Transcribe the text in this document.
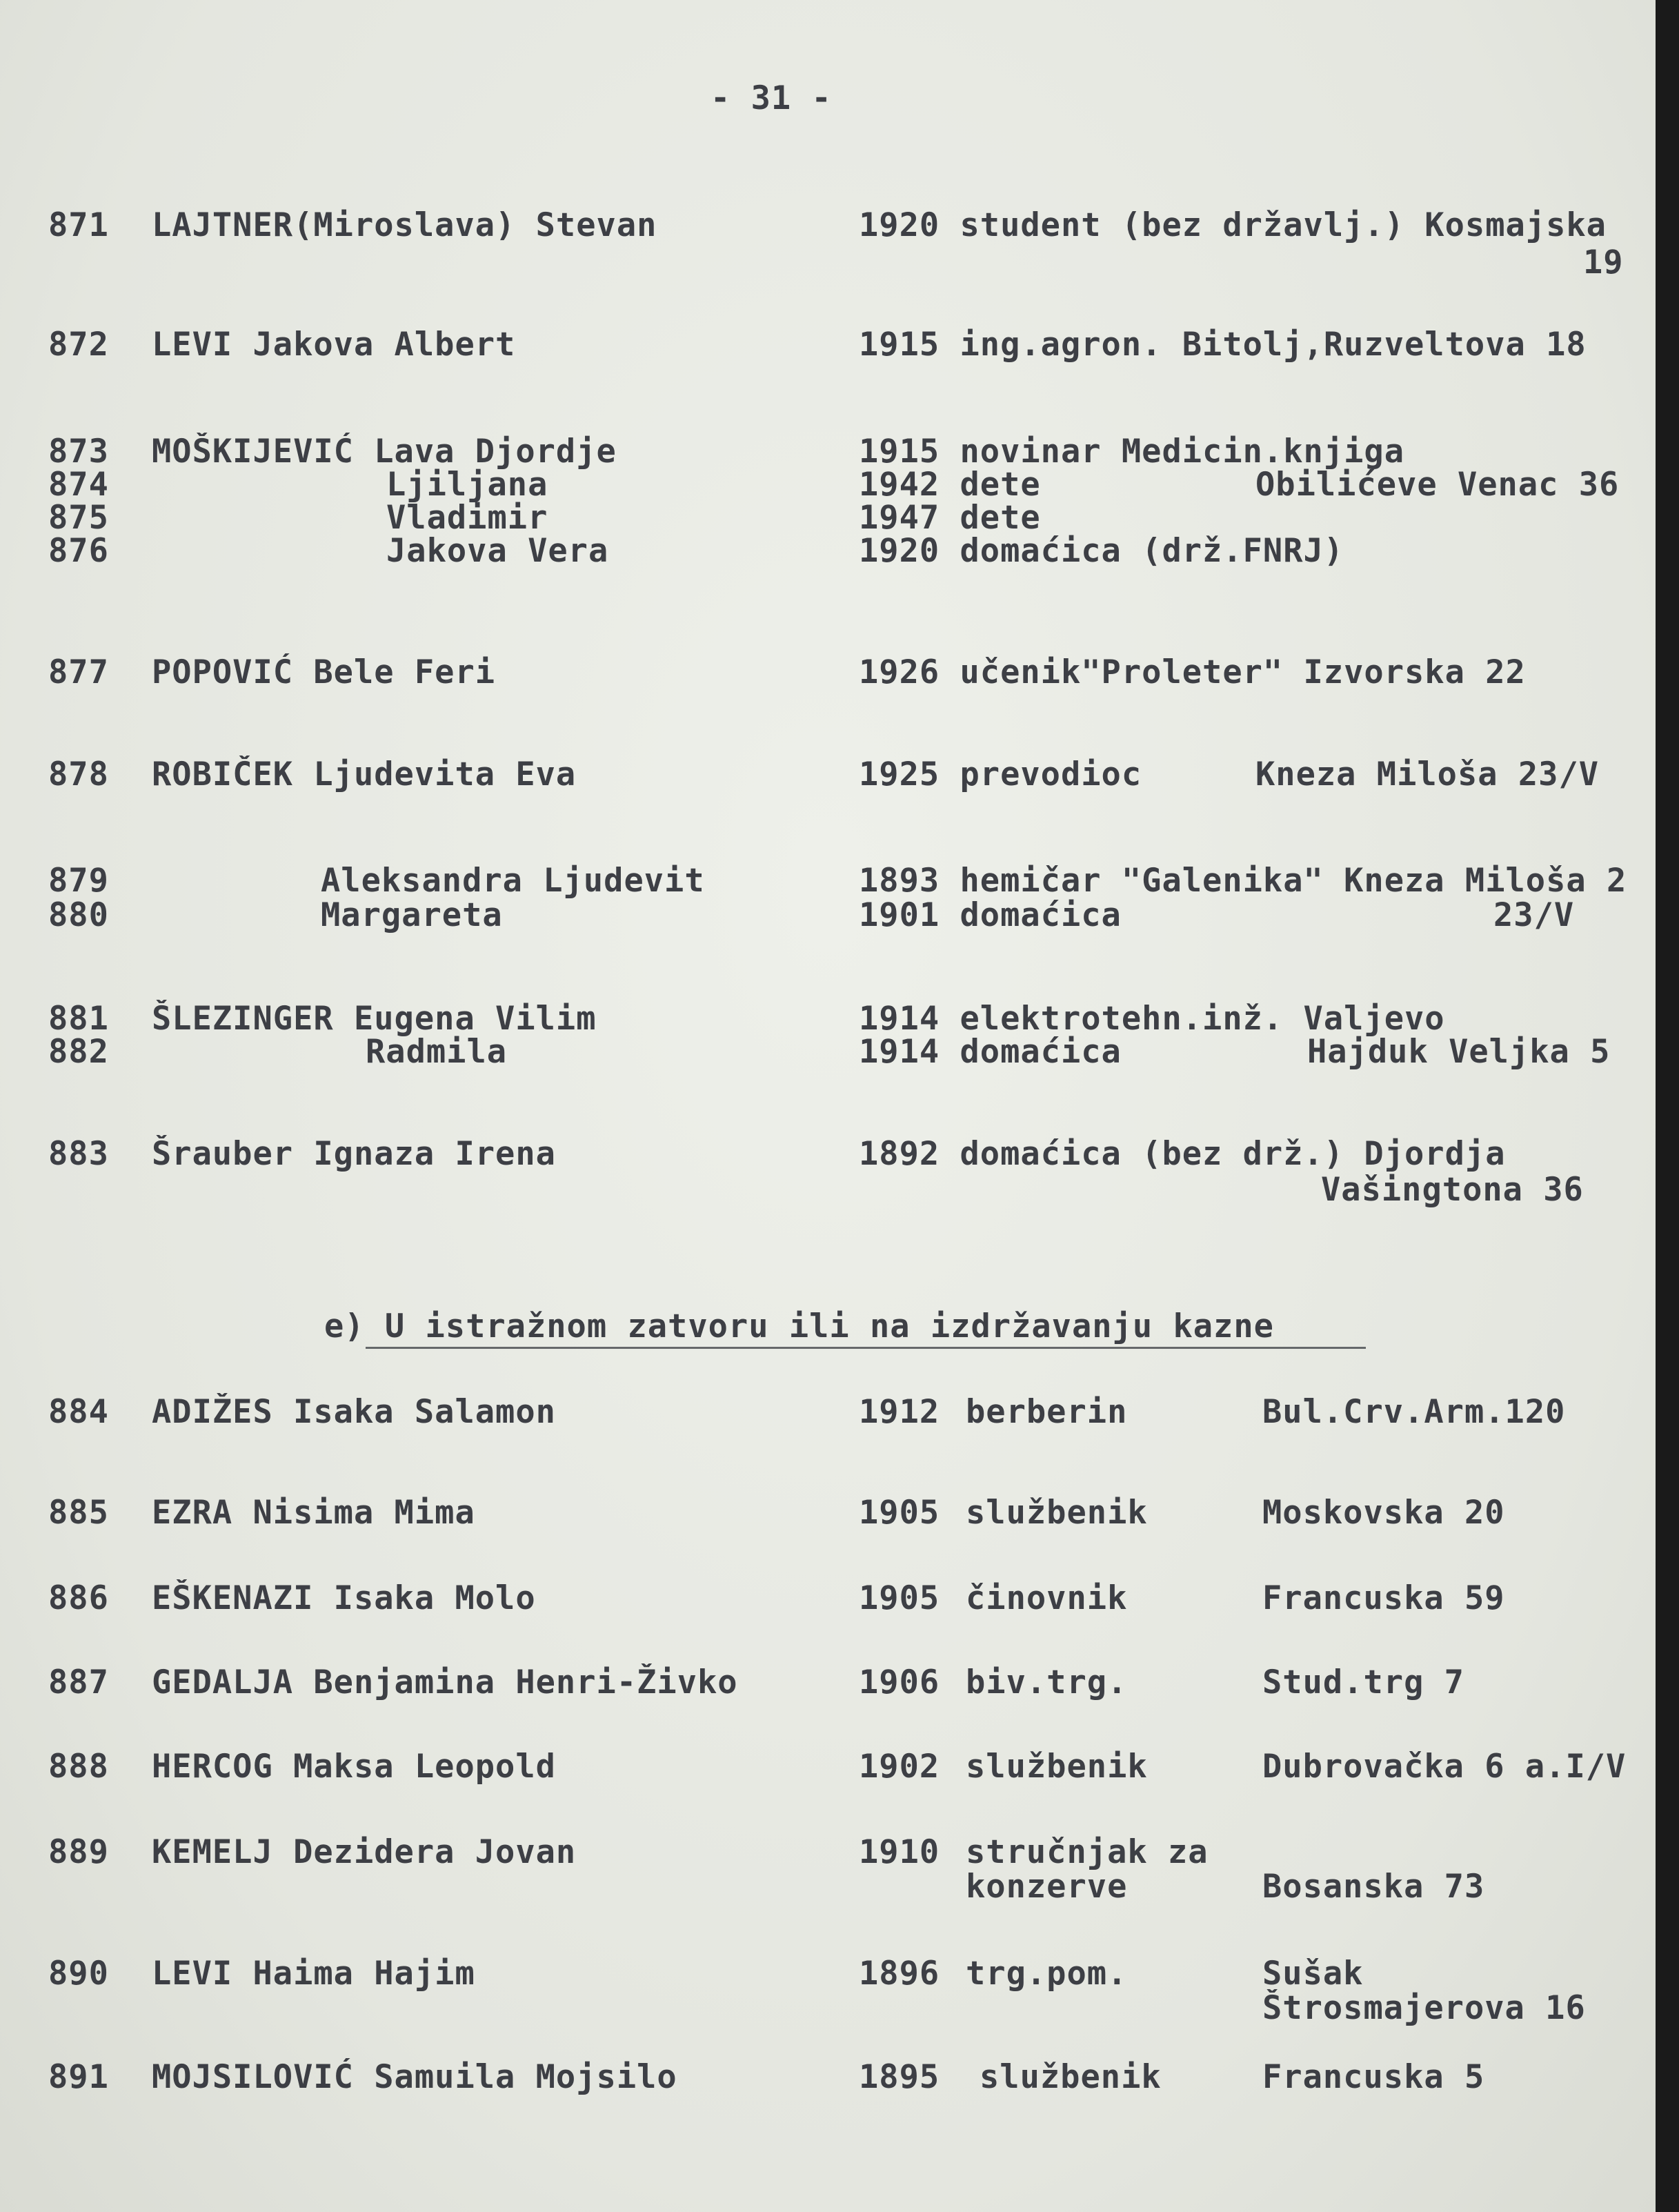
- 31 -
871 LAJTNER(Miroslava) Stevan	1920 student (bez državlj.) Kosmajska
19
872 LEVI Jakova Albert	1915 ing.agron. Bitolj,Ruzveltova 18
873 MOŠKIJEVIĆ Lava Djordje	1915 novinar Medicin.knjiga
874	Ljiljana	1942 dete	Obilićeve Venac 36
875	Vladimir	1947 dete
876	Jakova Vera	1920 domaćica (drž.FNRJ)
877 POPOVIĆ Bele Feri	1926 učenik"Proleter" Izvorska 22
878 ROBIČEK Ljudevita Eva	1925 prevodioc	Kneza Miloša 23/V
879	Aleksandra Ljudevit	1893 hemičar "Galenika" Kneza Miloša 2
880	Margareta	1901 domaćica	23/V
881 ŠLEZINGER Eugena Vilim	1914 elektrotehn.inž. Valjevo
882	Radmila	1914 domaćica	Hajduk Veljka 5
883 Šrauber Ignaza Irena	1892 domaćica (bez drž.) Djordja
Vašingtona 36
e) U istražnom zatvoru ili na izdržavanju kazne
884 ADIŽES Isaka Salamon	1912 berberin	Bul.Crv.Arm.120
885 EZRA Nisima Mima	1905 službenik	Moskovska 20
886 EŠKENAZI Isaka Molo	1905 činovnik	Francuska 59
887 GEDALJA Benjamina Henri-Živko	1906 biv.trg.	Stud.trg 7
888 HERCOG Maksa Leopold	1902 službenik	Dubrovačka 6 a.I/V
889 KEMELJ Dezidera Jovan	1910 stručnjak za
konzerve	Bosanska 73
890 LEVI Haima Hajim	1896 trg.pom.	Sušak
Štrosmajerova 16
891 MOJSILOVIĆ Samuila Mojsilo	1895 službenik	Francuska 5
